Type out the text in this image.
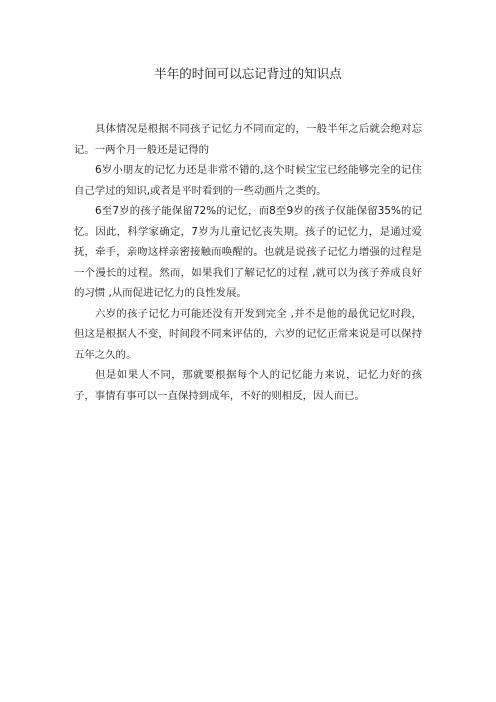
半年的时间可以忘记背过的知识点

具体情况是根据不同孩子记忆力不同而定的，一般半年之后就会绝对忘记。一两个月一般还是记得的

6岁小朋友的记忆力还是非常不错的,这个时候宝宝已经能够完全的记住自己学过的知识,或者是平时看到的一些动画片之类的。

6至7岁的孩子能保留72%的记忆，而8至9岁的孩子仅能保留35%的记忆。因此，科学家确定，7岁为儿童记忆丧失期。孩子的记忆力，是通过爱抚，牵手，亲吻这样亲密接触而唤醒的。也就是说孩子记忆力增强的过程是一个漫长的过程。然而，如果我们了解记忆的过程 ,就可以为孩子养成良好的习惯 ,从而促进记忆力的良性发展。

六岁的孩子记忆力可能还没有开发到完全 ,并不是他的最优记忆时段，但这是根据人不变，时间段不同来评估的，六岁的记忆正常来说是可以保持五年之久的。

但是如果人不同，那就要根据每个人的记忆能力来说，记忆力好的孩子，事情有事可以一直保持到成年，不好的则相反，因人而已。
